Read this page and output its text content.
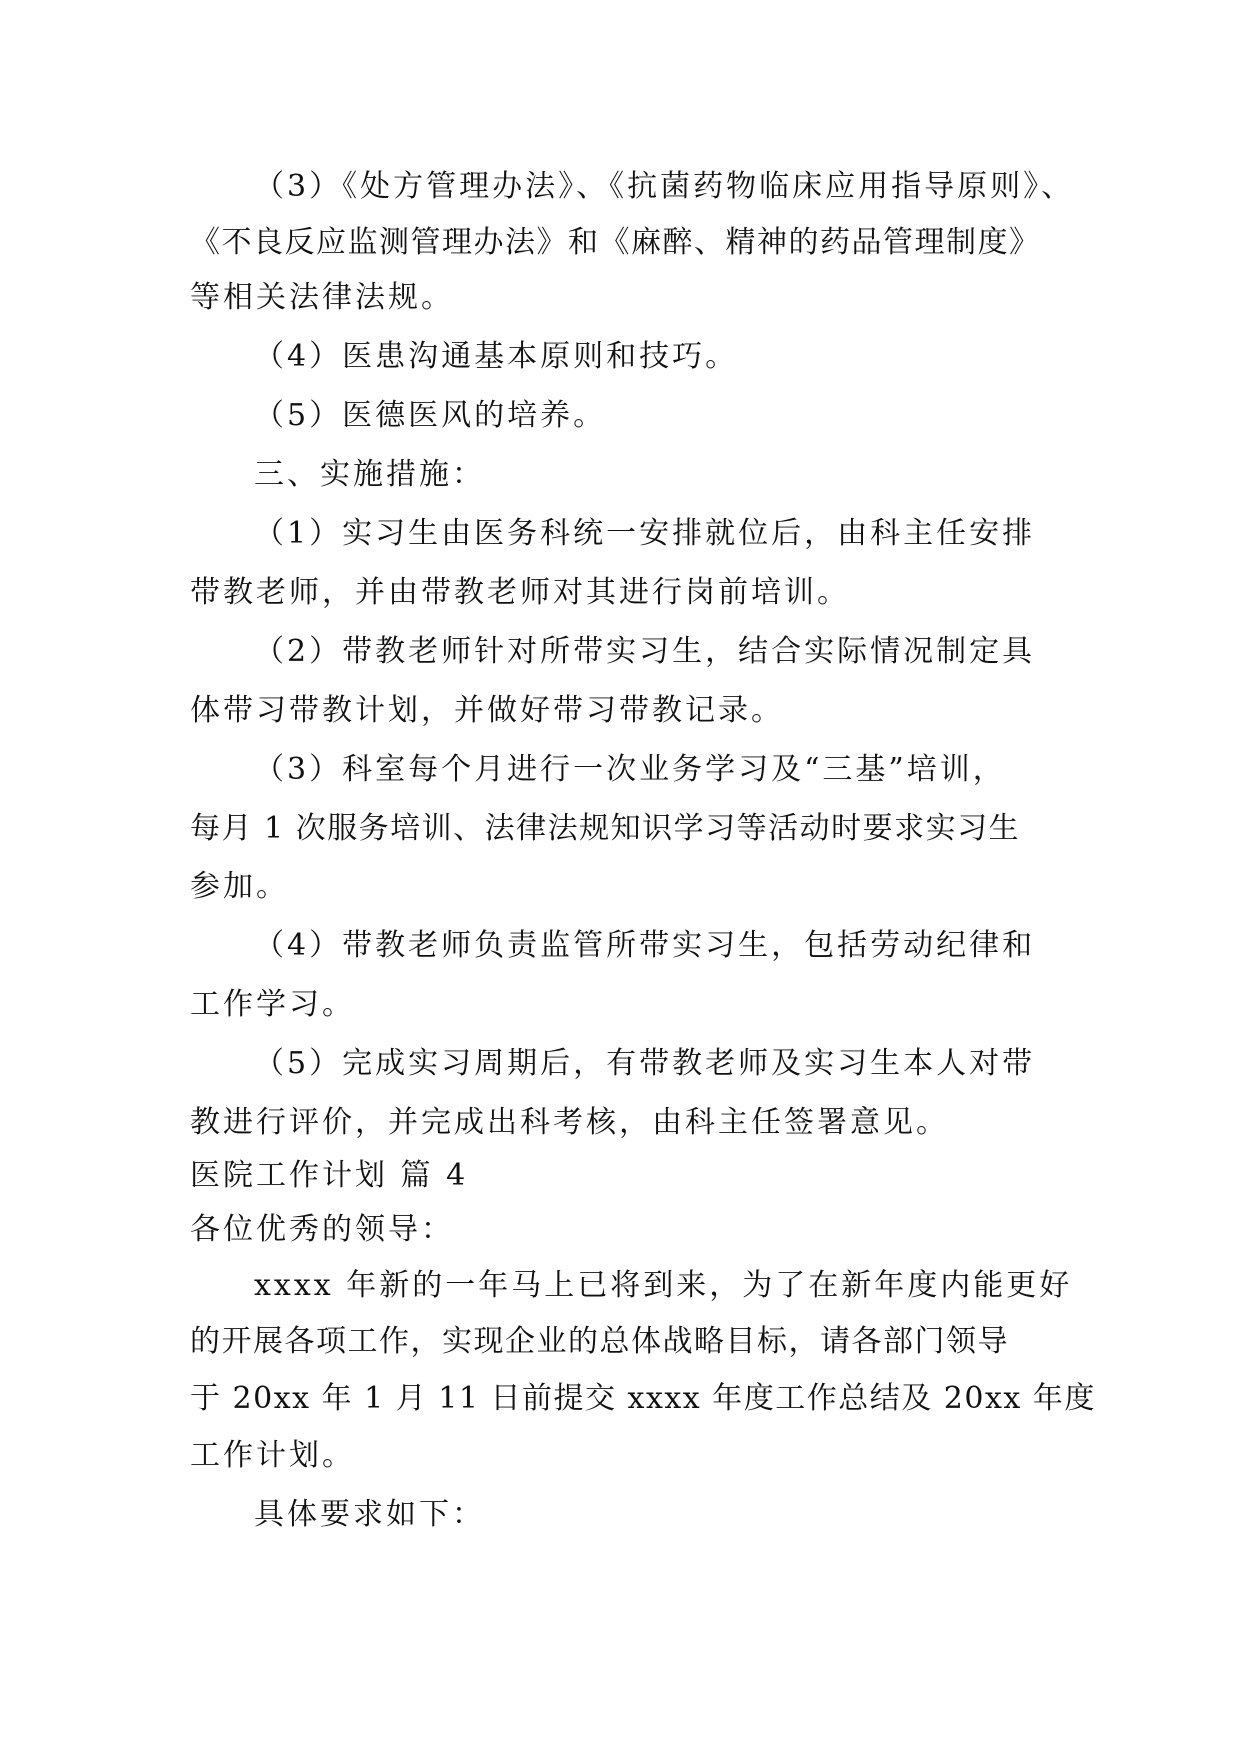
（3）《处方管理办法》、《抗菌药物临床应用指导原则》、
《不良反应监测管理办法》和《麻醉、精神的药品管理制度》
等相关法律法规。
（4）医患沟通基本原则和技巧。
（5）医德医风的培养。
三、实施措施：
（1）实习生由医务科统一安排就位后，由科主任安排
带教老师，并由带教老师对其进行岗前培训。
（2）带教老师针对所带实习生，结合实际情况制定具
体带习带教计划，并做好带习带教记录。
（3）科室每个月进行一次业务学习及“三基”培训，
每月 1 次服务培训、法律法规知识学习等活动时要求实习生
参加。
（4）带教老师负责监管所带实习生，包括劳动纪律和
工作学习。
（5）完成实习周期后，有带教老师及实习生本人对带
教进行评价，并完成出科考核，由科主任签署意见。
医院工作计划 篇 4
各位优秀的领导：
xxxx 年新的一年马上已将到来，为了在新年度内能更好
的开展各项工作，实现企业的总体战略目标，请各部门领导
于 20xx 年 1 月 11 日前提交 xxxx 年度工作总结及 20xx 年度
工作计划。
具体要求如下：
